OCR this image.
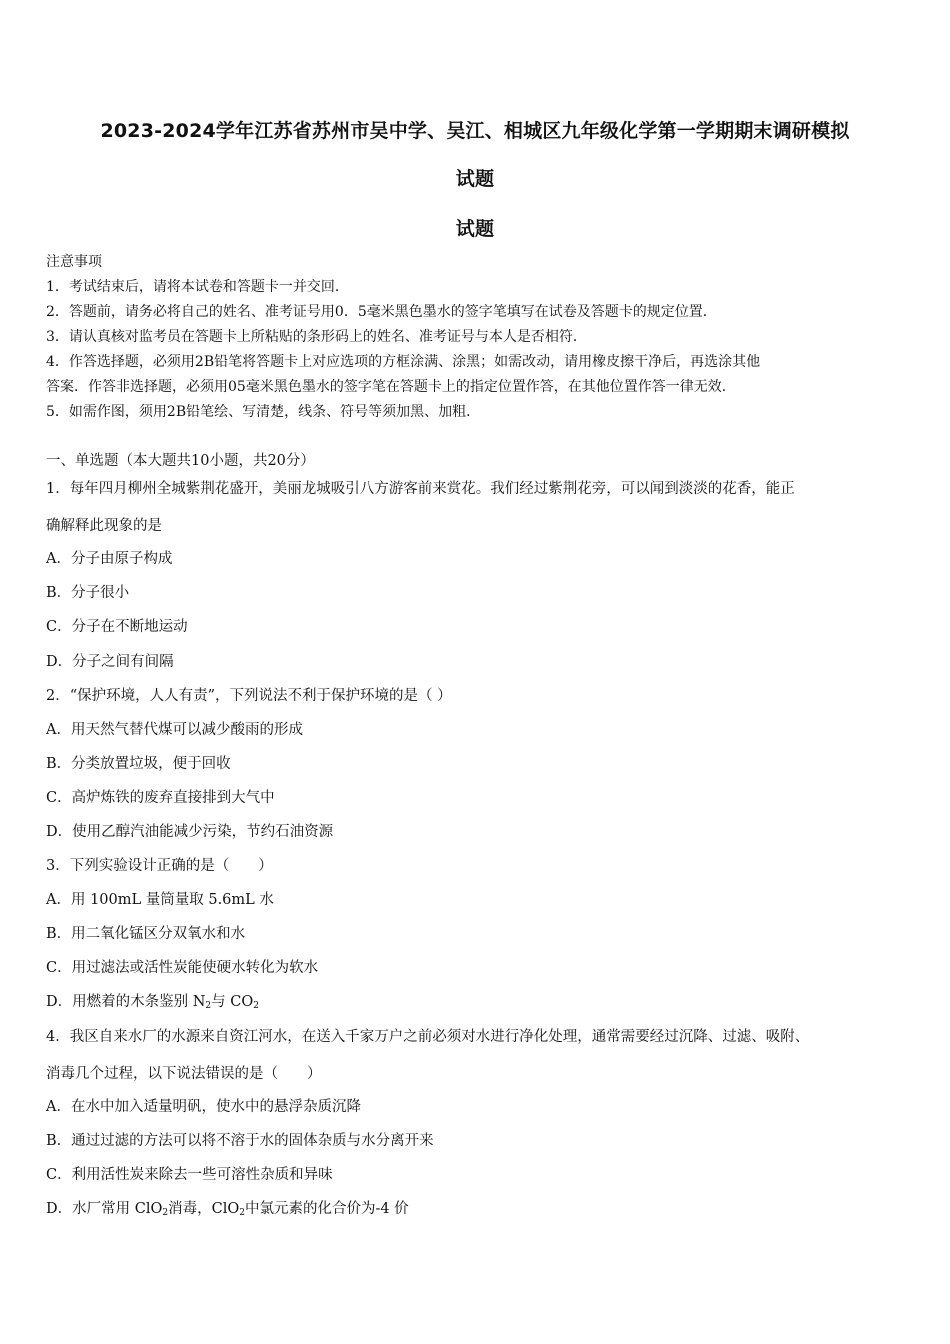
2023-2024学年江苏省苏州市吴中学、吴江、相城区九年级化学第一学期期末调研模拟
试题
试题
注意事项
1．考试结束后，请将本试卷和答题卡一并交回．
2．答题前，请务必将自己的姓名、准考证号用0．5毫米黑色墨水的签字笔填写在试卷及答题卡的规定位置．
3．请认真核对监考员在答题卡上所粘贴的条形码上的姓名、准考证号与本人是否相符．
4．作答选择题，必须用2B铅笔将答题卡上对应选项的方框涂满、涂黑；如需改动，请用橡皮擦干净后，再选涂其他
答案．作答非选择题，必须用05毫米黑色墨水的签字笔在答题卡上的指定位置作答，在其他位置作答一律无效．
5．如需作图，须用2B铅笔绘、写清楚，线条、符号等须加黑、加粗．
一、单选题（本大题共10小题，共20分）
1．每年四月柳州全城紫荆花盛开，美丽龙城吸引八方游客前来赏花。我们经过紫荆花旁，可以闻到淡淡的花香，能正
确解释此现象的是
A．分子由原子构成
B．分子很小
C．分子在不断地运动
D．分子之间有间隔
2．“保护环境，人人有责”，下列说法不利于保护环境的是（ ）
A．用天然气替代煤可以减少酸雨的形成
B．分类放置垃圾，便于回收
C．高炉炼铁的废弃直接排到大气中
D．使用乙醇汽油能减少污染，节约石油资源
3．下列实验设计正确的是（　　）
A．用 100mL 量筒量取 5.6mL 水
B．用二氧化锰区分双氧水和水
C．用过滤法或活性炭能使硬水转化为软水
D．用燃着的木条鉴别 $N_2$与 $CO_2$
4．我区自来水厂的水源来自资江河水，在送入千家万户之前必须对水进行净化处理，通常需要经过沉降、过滤、吸附、
消毒几个过程，以下说法错误的是（　　）
A．在水中加入适量明矾，使水中的悬浮杂质沉降
B．通过过滤的方法可以将不溶于水的固体杂质与水分离开来
C．利用活性炭来除去一些可溶性杂质和异味
D．水厂常用 ClO$_2$消毒，ClO$_2$中氯元素的化合价为-4 价
